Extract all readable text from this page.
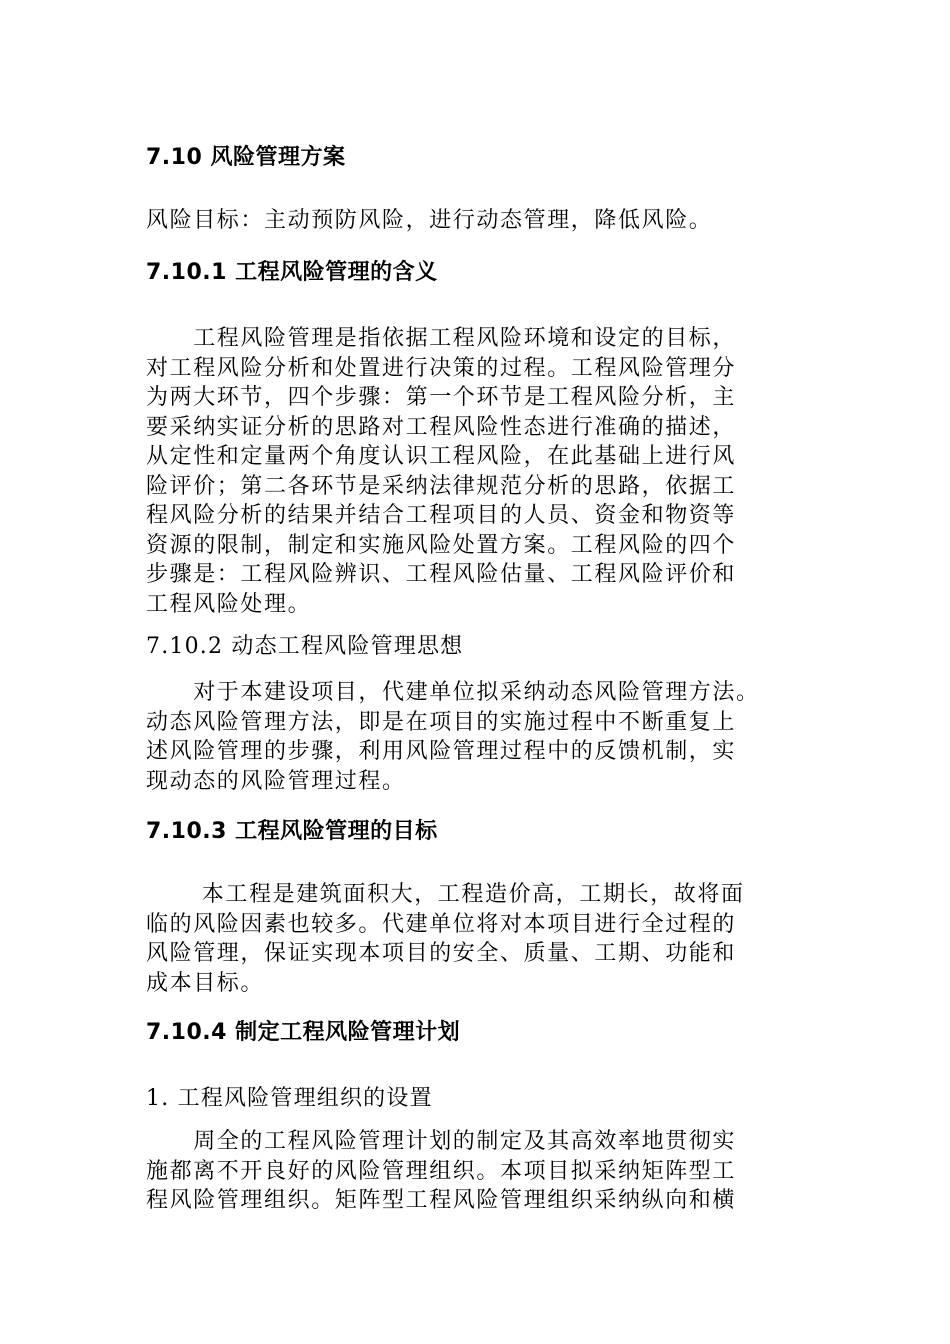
7.10 风险管理方案
风险目标：主动预防风险，进行动态管理，降低风险。
7.10.1 工程风险管理的含义
　　工程风险管理是指依据工程风险环境和设定的目标，
对工程风险分析和处置进行决策的过程。工程风险管理分
为两大环节，四个步骤：第一个环节是工程风险分析，主
要采纳实证分析的思路对工程风险性态进行准确的描述，
从定性和定量两个角度认识工程风险，在此基础上进行风
险评价；第二各环节是采纳法律规范分析的思路，依据工
程风险分析的结果并结合工程项目的人员、资金和物资等
资源的限制，制定和实施风险处置方案。工程风险的四个
步骤是：工程风险辨识、工程风险估量、工程风险评价和
工程风险处理。
7.10.2 动态工程风险管理思想
　　对于本建设项目，代建单位拟采纳动态风险管理方法。
动态风险管理方法，即是在项目的实施过程中不断重复上
述风险管理的步骤，利用风险管理过程中的反馈机制，实
现动态的风险管理过程。
7.10.3 工程风险管理的目标
　　 本工程是建筑面积大，工程造价高，工期长，故将面
临的风险因素也较多。代建单位将对本项目进行全过程的
风险管理，保证实现本项目的安全、质量、工期、功能和
成本目标。
7.10.4 制定工程风险管理计划
1. 工程风险管理组织的设置
　　周全的工程风险管理计划的制定及其高效率地贯彻实
施都离不开良好的风险管理组织。本项目拟采纳矩阵型工
程风险管理组织。矩阵型工程风险管理组织采纳纵向和横
